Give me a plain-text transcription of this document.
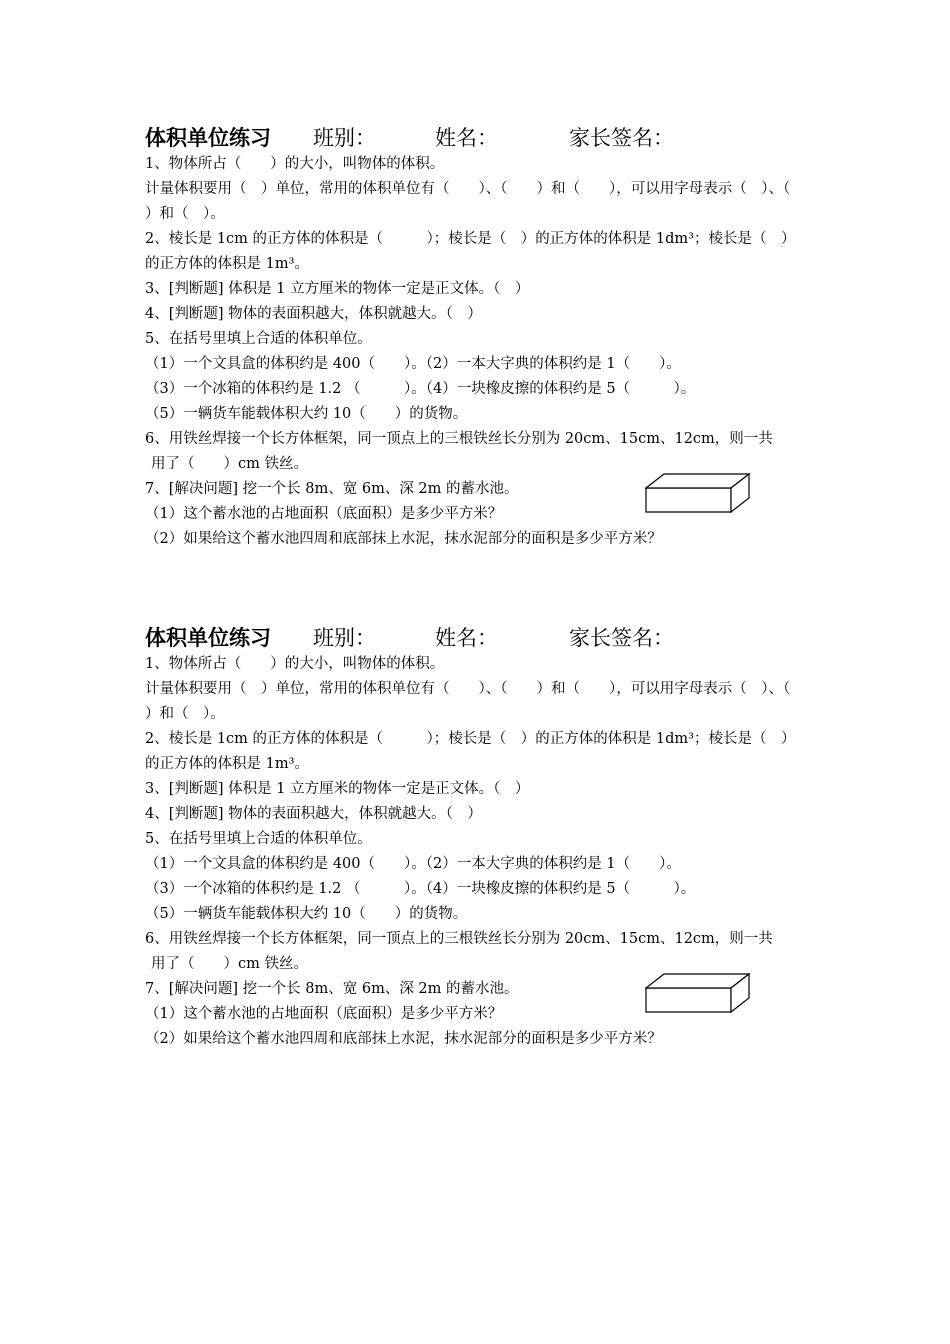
体积单位练习 班别：	姓名：	家长签名：
1、物体所占（　　）的大小，叫物体的体积。
计量体积要用（　）单位，常用的体积单位有（　　）、（　　）和（　　），可以用字母表示（　）、（
）和（　）。
2、棱长是 1cm 的正方体的体积是（　　　）；棱长是（　）的正方体的体积是 1dm³；棱长是（　）
的正方体的体积是 1m³。
3、[判断题] 体积是 1 立方厘米的物体一定是正文体。（　）
4、[判断题] 物体的表面积越大，体积就越大。（　）
5、在括号里填上合适的体积单位。
（1）一个文具盒的体积约是 400（　　）。（2）一本大字典的体积约是 1（　　）。
（3）一个冰箱的体积约是 1.2 （　　　）。（4）一块橡皮擦的体积约是 5（　　　）。
（5）一辆货车能载体积大约 10（　　）的货物。
6、用铁丝焊接一个长方体框架，同一顶点上的三根铁丝长分别为 20cm、15cm、12cm，则一共
用了（　　）cm 铁丝。
7、[解决问题] 挖一个长 8m、宽 6m、深 2m 的蓄水池。
（1）这个蓄水池的占地面积（底面积）是多少平方米？
（2）如果给这个蓄水池四周和底部抹上水泥，抹水泥部分的面积是多少平方米？
体积单位练习 班别：	姓名：	家长签名：
1、物体所占（　　）的大小，叫物体的体积。
计量体积要用（　）单位，常用的体积单位有（　　）、（　　）和（　　），可以用字母表示（　）、（
）和（　）。
2、棱长是 1cm 的正方体的体积是（　　　）；棱长是（　）的正方体的体积是 1dm³；棱长是（　）
的正方体的体积是 1m³。
3、[判断题] 体积是 1 立方厘米的物体一定是正文体。（　）
4、[判断题] 物体的表面积越大，体积就越大。（　）
5、在括号里填上合适的体积单位。
（1）一个文具盒的体积约是 400（　　）。（2）一本大字典的体积约是 1（　　）。
（3）一个冰箱的体积约是 1.2 （　　　）。（4）一块橡皮擦的体积约是 5（　　　）。
（5）一辆货车能载体积大约 10（　　）的货物。
6、用铁丝焊接一个长方体框架，同一顶点上的三根铁丝长分别为 20cm、15cm、12cm，则一共
用了（　　）cm 铁丝。
7、[解决问题] 挖一个长 8m、宽 6m、深 2m 的蓄水池。
（1）这个蓄水池的占地面积（底面积）是多少平方米？
（2）如果给这个蓄水池四周和底部抹上水泥，抹水泥部分的面积是多少平方米？
